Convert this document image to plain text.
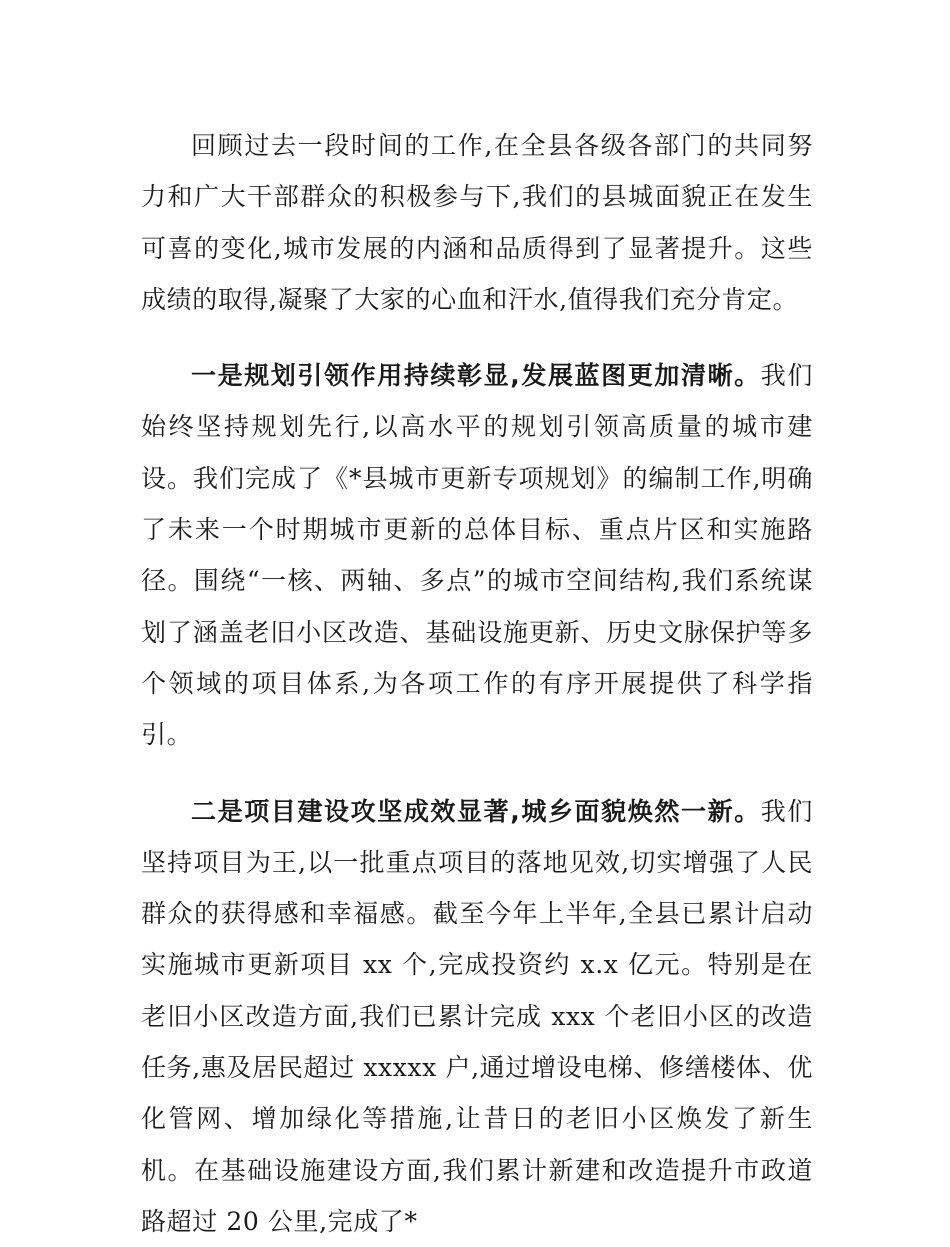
回顾过去一段时间的工作,在全县各级各部门的共同努力和广大干部群众的积极参与下,我们的县城面貌正在发生可喜的变化,城市发展的内涵和品质得到了显著提升。这些成绩的取得,凝聚了大家的心血和汗水,值得我们充分肯定。

一是规划引领作用持续彰显,发展蓝图更加清晰。我们始终坚持规划先行,以高水平的规划引领高质量的城市建设。我们完成了《*县城市更新专项规划》的编制工作,明确了未来一个时期城市更新的总体目标、重点片区和实施路径。围绕“一核、两轴、多点”的城市空间结构,我们系统谋划了涵盖老旧小区改造、基础设施更新、历史文脉保护等多个领域的项目体系,为各项工作的有序开展提供了科学指引。

二是项目建设攻坚成效显著,城乡面貌焕然一新。我们坚持项目为王,以一批重点项目的落地见效,切实增强了人民群众的获得感和幸福感。截至今年上半年,全县已累计启动实施城市更新项目 xx 个,完成投资约 x.x 亿元。特别是在老旧小区改造方面,我们已累计完成 xxx 个老旧小区的改造任务,惠及居民超过 xxxxx 户,通过增设电梯、修缮楼体、优化管网、增加绿化等措施,让昔日的老旧小区焕发了新生机。在基础设施建设方面,我们累计新建和改造提升市政道路超过 20 公里,完成了*
